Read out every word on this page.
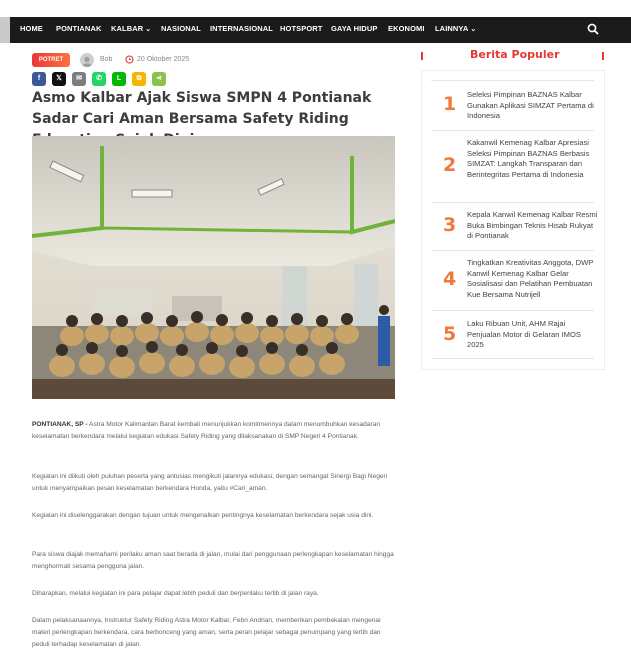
HOME PONTIANAK KALBAR ⌄ NASIONAL INTERNASIONAL HOTSPORT GAYA HIDUP EKONOMI LAINNYA ⌄
POTRET	Bob	20 Oktober 2025
f	𝕏	✉	✆	L	⧉	⋖
Asmo Kalbar Ajak Siswa SMPN 4 Pontianak Sadar Cari Aman Bersama Safety Riding

PONTIANAK, SP - Astra Motor Kalimantan Barat kembali menunjukkan komitmennya dalam menumbuhkan kesadaran keselamatan berkendara melalui kegiatan edukasi Safety Riding yang dilaksanakan di SMP Negeri 4 Pontianak.

Kegiatan ini diikuti oleh puluhan peserta yang antusias mengikuti jalannya edukasi, dengan semangat Sinergi Bagi Negeri untuk menyampaikan pesan keselamatan berkendara Honda, yaitu #Cari_aman.

Kegiatan ini diselenggarakan dengan tujuan untuk mengenalkan pentingnya keselamatan berkendara sejak usia dini.

Para siswa diajak memahami perilaku aman saat berada di jalan, mulai dari penggunaan perlengkapan keselamatan hingga menghormati sesama pengguna jalan.

Diharapkan, melalui kegiatan ini para pelajar dapat lebih peduli dan berperilaku tertib di jalan raya.

Dalam pelaksanaannya, Instruktur Safety Riding Astra Motor Kalbar, Febri Andrian, memberikan pembekalan mengenai materi perlengkapan berkendara, cara berbonceng yang aman, serta peran pelajar sebagai penumpang yang tertib dan peduli terhadap keselamatan di jalan.

Berita Populer
1 Seleksi Pimpinan BAZNAS Kalbar Gunakan Aplikasi SIMZAT Pertama di Indonesia
2
Kakanwil Kemenag Kalbar Apresiasi Seleksi Pimpinan BAZNAS Berbasis SIMZAT: Langkah Transparan dan Berintegritas Pertama di Indonesia
3 Kepala Kanwil Kemenag Kalbar Resmi Buka Bimbingan Teknis Hisab Rukyat di Pontianak
4
Tingkatkan Kreativitas Anggota, DWP Kanwil Kemenag Kalbar Gelar Sosialisasi dan Pelatihan Pembuatan Kue Bersama Nutrijell
5 Laku Ribuan Unit, AHM Rajai Penjualan Motor di Gelaran IMOS 2025
